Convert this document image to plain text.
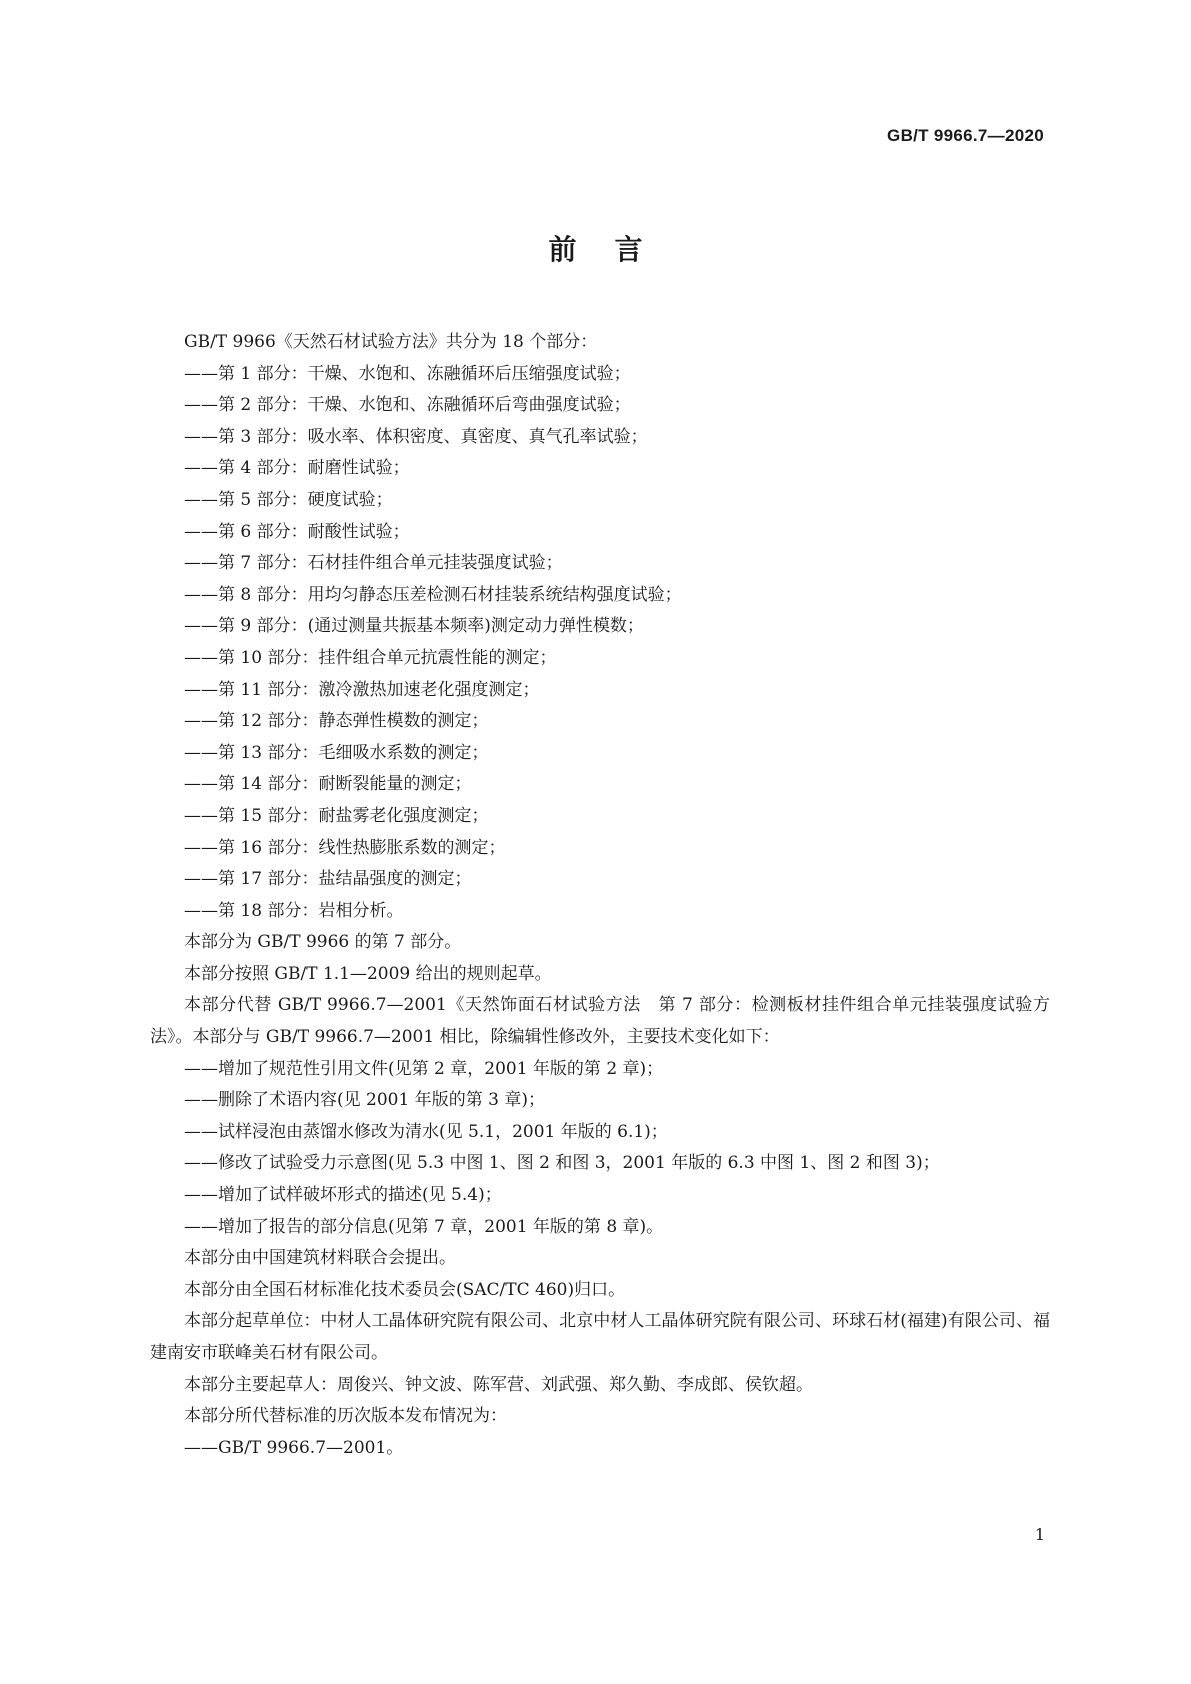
GB/T 9966.7—2020
前言

GB/T 9966《天然石材试验方法》共分为 18 个部分：

——第 1 部分：干燥、水饱和、冻融循环后压缩强度试验；

——第 2 部分：干燥、水饱和、冻融循环后弯曲强度试验；

——第 3 部分：吸水率、体积密度、真密度、真气孔率试验；

——第 4 部分：耐磨性试验；

——第 5 部分：硬度试验；

——第 6 部分：耐酸性试验；

——第 7 部分：石材挂件组合单元挂装强度试验；

——第 8 部分：用均匀静态压差检测石材挂装系统结构强度试验；

——第 9 部分：(通过测量共振基本频率)测定动力弹性模数；

——第 10 部分：挂件组合单元抗震性能的测定；

——第 11 部分：激冷激热加速老化强度测定；

——第 12 部分：静态弹性模数的测定；

——第 13 部分：毛细吸水系数的测定；

——第 14 部分：耐断裂能量的测定；

——第 15 部分：耐盐雾老化强度测定；

——第 16 部分：线性热膨胀系数的测定；

——第 17 部分：盐结晶强度的测定；

——第 18 部分：岩相分析。

本部分为 GB/T 9966 的第 7 部分。

本部分按照 GB/T 1.1—2009 给出的规则起草。

本部分代替 GB/T 9966.7—2001《天然饰面石材试验方法　第 7 部分：检测板材挂件组合单元挂装强度试验方法》。本部分与 GB/T 9966.7—2001 相比，除编辑性修改外，主要技术变化如下：

——增加了规范性引用文件(见第 2 章，2001 年版的第 2 章)；

——删除了术语内容(见 2001 年版的第 3 章)；

——试样浸泡由蒸馏水修改为清水(见 5.1，2001 年版的 6.1)；

——修改了试验受力示意图(见 5.3 中图 1、图 2 和图 3，2001 年版的 6.3 中图 1、图 2 和图 3)；

——增加了试样破坏形式的描述(见 5.4)；

——增加了报告的部分信息(见第 7 章，2001 年版的第 8 章)。

本部分由中国建筑材料联合会提出。

本部分由全国石材标准化技术委员会(SAC/TC 460)归口。

本部分起草单位：中材人工晶体研究院有限公司、北京中材人工晶体研究院有限公司、环球石材(福建)有限公司、福建南安市联峰美石材有限公司。

本部分主要起草人：周俊兴、钟文波、陈军营、刘武强、郑久勤、李成郎、侯钦超。

本部分所代替标准的历次版本发布情况为：

——GB/T 9966.7—2001。

1
